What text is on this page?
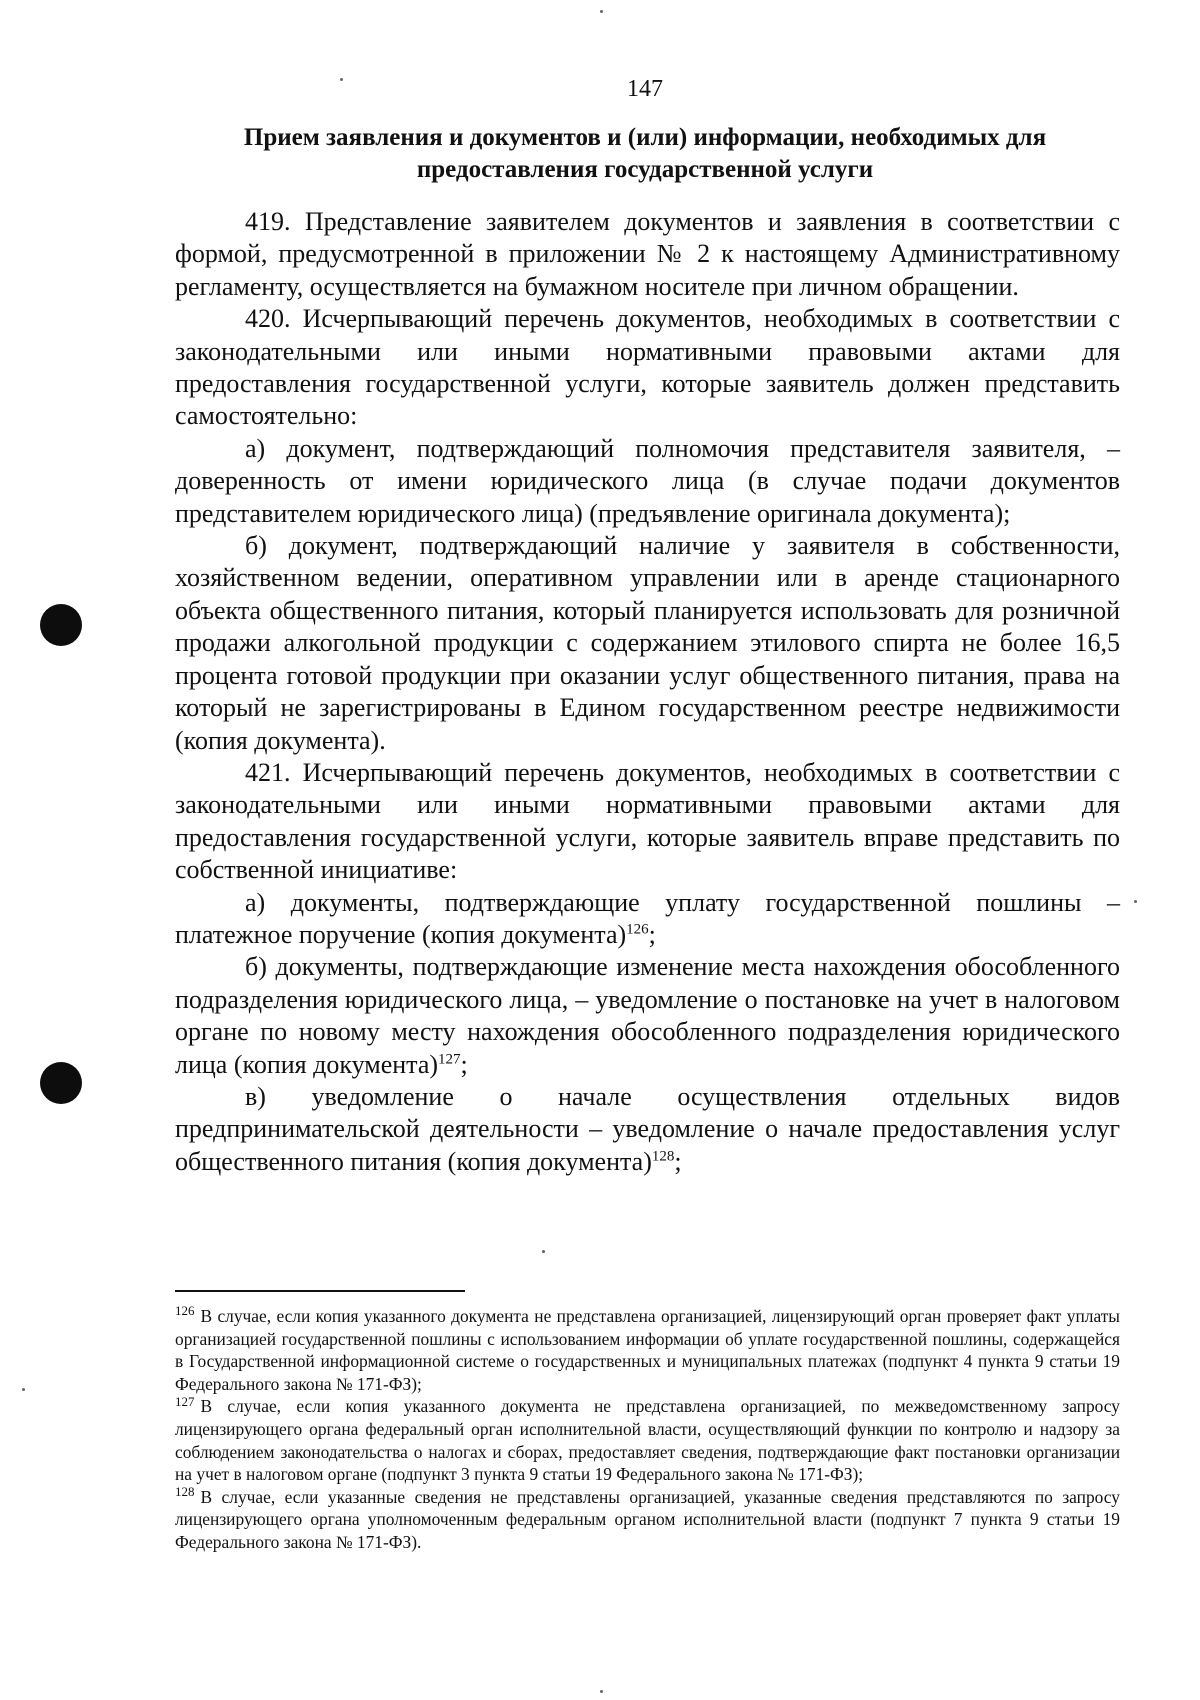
147
Прием заявления и документов и (или) информации, необходимых для предоставления государственной услуги

419. Представление заявителем документов и заявления в соответствии с формой, предусмотренной в приложении № 2 к настоящему Административному регламенту, осуществляется на бумажном носителе при личном обращении.

420. Исчерпывающий перечень документов, необходимых в соответствии с законодательными или иными нормативными правовыми актами для предоставления государственной услуги, которые заявитель должен представить самостоятельно:

а) документ, подтверждающий полномочия представителя заявителя, – доверенность от имени юридического лица (в случае подачи документов представителем юридического лица) (предъявление оригинала документа);

б) документ, подтверждающий наличие у заявителя в собственности, хозяйственном ведении, оперативном управлении или в аренде стационарного объекта общественного питания, который планируется использовать для розничной продажи алкогольной продукции с содержанием этилового спирта не более 16,5 процента готовой продукции при оказании услуг общественного питания, права на который не зарегистрированы в Едином государственном реестре недвижимости (копия документа).

421. Исчерпывающий перечень документов, необходимых в соответствии с законодательными или иными нормативными правовыми актами для предоставления государственной услуги, которые заявитель вправе представить по собственной инициативе:

а) документы, подтверждающие уплату государственной пошлины – платежное поручение (копия документа)$^{126}$;

б) документы, подтверждающие изменение места нахождения обособленного подразделения юридического лица, – уведомление о постановке на учет в налоговом органе по новому месту нахождения обособленного подразделения юридического лица (копия документа)$^{127}$;

в) уведомление о начале осуществления отдельных видов предпринимательской деятельности – уведомление о начале предоставления услуг общественного питания (копия документа)$^{128}$;

$^{126}$ В случае, если копия указанного документа не представлена организацией, лицензирующий орган проверяет факт уплаты организацией государственной пошлины с использованием информации об уплате государственной пошлины, содержащейся в Государственной информационной системе о государственных и муниципальных платежах (подпункт 4 пункта 9 статьи 19 Федерального закона № 171-ФЗ);

$^{127}$ В случае, если копия указанного документа не представлена организацией, по межведомственному запросу лицензирующего органа федеральный орган исполнительной власти, осуществляющий функции по контролю и надзору за соблюдением законодательства о налогах и сборах, предоставляет сведения, подтверждающие факт постановки организации на учет в налоговом органе (подпункт 3 пункта 9 статьи 19 Федерального закона № 171-ФЗ);

$^{128}$ В случае, если указанные сведения не представлены организацией, указанные сведения представляются по запросу лицензирующего органа уполномоченным федеральным органом исполнительной власти (подпункт 7 пункта 9 статьи 19 Федерального закона № 171-ФЗ).
